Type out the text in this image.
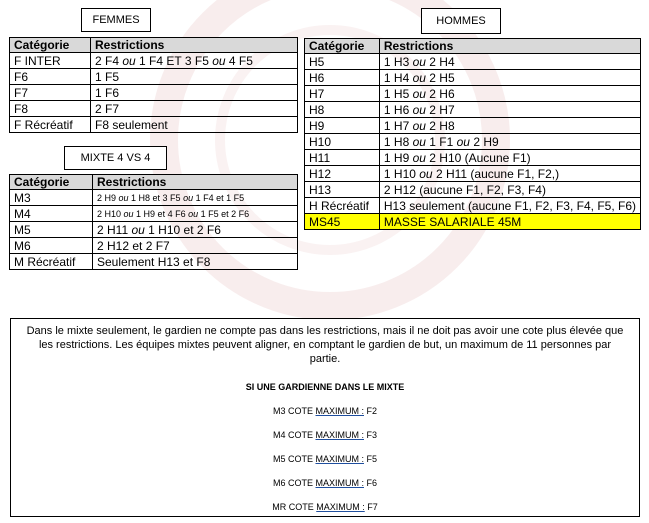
FEMMES
Catégorie	Restrictions
F INTER	2 F4 ou 1 F4 ET 3 F5 ou 4 F5
F6	1 F5
F7	1 F6
F8	2 F7
F Récréatif	F8 seulement
MIXTE 4 VS 4
Catégorie	Restrictions
M3	2 H9 ou 1 H8 et 3 F5 ou 1 F4 et 1 F5
M4	2 H10 ou 1 H9 et 4 F6 ou 1 F5 et 2 F6
M5	2 H11 ou 1 H10 et 2 F6
M6	2 H12 et 2 F7
M Récréatif	Seulement H13 et F8
HOMMES
Catégorie	Restrictions
H5	1 H3 ou 2 H4
H6	1 H4 ou 2 H5
H7	1 H5 ou 2 H6
H8	1 H6 ou 2 H7
H9	1 H7 ou 2 H8
H10	1 H8 ou 1 F1 ou 2 H9
H11	1 H9 ou 2 H10 (Aucune F1)
H12	1 H10 ou 2 H11 (aucune F1, F2,)
H13	2 H12 (aucune F1, F2, F3, F4)
H Récréatif	H13 seulement (aucune F1, F2, F3, F4, F5, F6)
MS45	MASSE SALARIALE 45M
Dans le mixte seulement, le gardien ne compte pas dans les restrictions, mais il ne doit pas avoir une cote plus élevée que les restrictions. Les équipes mixtes peuvent aligner, en comptant le gardien de but, un maximum de 11 personnes par partie.
SI UNE GARDIENNE DANS LE MIXTE
M3 COTE MAXIMUM : F2
M4 COTE MAXIMUM : F3
M5 COTE MAXIMUM : F5
M6 COTE MAXIMUM : F6
MR COTE MAXIMUM : F7
